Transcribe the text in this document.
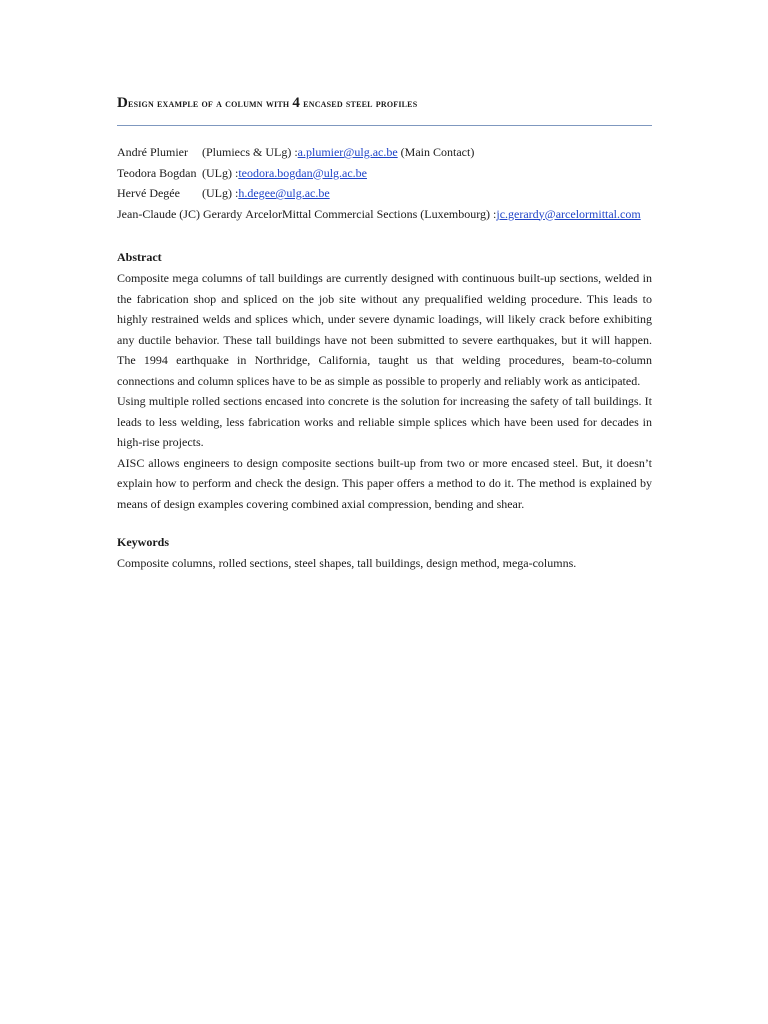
Design example of a column with 4 encased steel profiles
André Plumier (Plumiecs & ULg) :a.plumier@ulg.ac.be (Main Contact)
Teodora Bogdan (ULg) :teodora.bogdan@ulg.ac.be
Hervé Degée (ULg) :h.degee@ulg.ac.be
Jean-Claude (JC) Gerardy ArcelorMittal Commercial Sections (Luxembourg) :jc.gerardy@arcelormittal.com
Abstract

Composite mega columns of tall buildings are currently designed with continuous built-up sections, welded in the fabrication shop and spliced on the job site without any prequalified welding procedure. This leads to highly restrained welds and splices which, under severe dynamic loadings, will likely crack before exhibiting any ductile behavior. These tall buildings have not been submitted to severe earthquakes, but it will happen. The 1994 earthquake in Northridge, California, taught us that welding procedures, beam-to-column connections and column splices have to be as simple as possible to properly and reliably work as anticipated.

Using multiple rolled sections encased into concrete is the solution for increasing the safety of tall buildings. It leads to less welding, less fabrication works and reliable simple splices which have been used for decades in high-rise projects.

AISC allows engineers to design composite sections built-up from two or more encased steel. But, it doesn’t explain how to perform and check the design. This paper offers a method to do it. The method is explained by means of design examples covering combined axial compression, bending and shear.

Keywords

Composite columns, rolled sections, steel shapes, tall buildings, design method, mega-columns.
